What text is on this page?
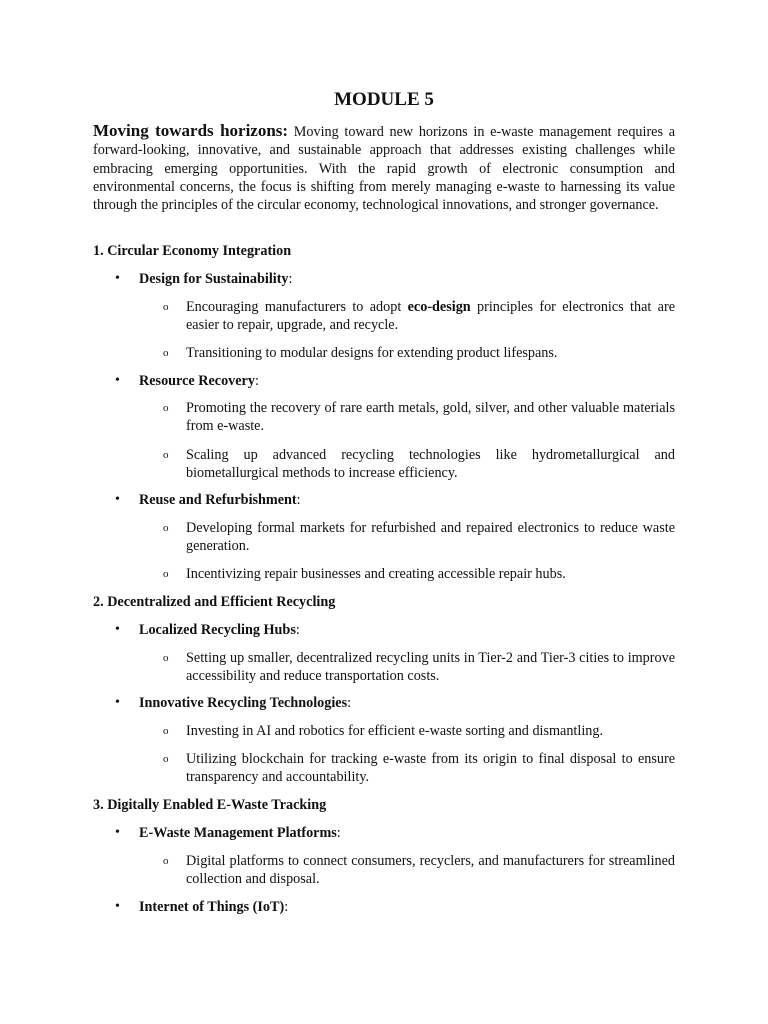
MODULE 5
Moving towards horizons: Moving toward new horizons in e-waste management requires a forward-looking, innovative, and sustainable approach that addresses existing challenges while embracing emerging opportunities. With the rapid growth of electronic consumption and environmental concerns, the focus is shifting from merely managing e-waste to harnessing its value through the principles of the circular economy, technological innovations, and stronger governance.
1. Circular Economy Integration
• Design for Sustainability:
o Encouraging manufacturers to adopt eco-design principles for electronics that are easier to repair, upgrade, and recycle.
o Transitioning to modular designs for extending product lifespans.
• Resource Recovery:
o Promoting the recovery of rare earth metals, gold, silver, and other valuable materials from e-waste.
o Scaling up advanced recycling technologies like hydrometallurgical and biometallurgical methods to increase efficiency.
• Reuse and Refurbishment:
o Developing formal markets for refurbished and repaired electronics to reduce waste generation.
o Incentivizing repair businesses and creating accessible repair hubs.
2. Decentralized and Efficient Recycling
• Localized Recycling Hubs:
o Setting up smaller, decentralized recycling units in Tier-2 and Tier-3 cities to improve accessibility and reduce transportation costs.
• Innovative Recycling Technologies:
o Investing in AI and robotics for efficient e-waste sorting and dismantling.
o Utilizing blockchain for tracking e-waste from its origin to final disposal to ensure transparency and accountability.
3. Digitally Enabled E-Waste Tracking
• E-Waste Management Platforms:
o Digital platforms to connect consumers, recyclers, and manufacturers for streamlined collection and disposal.
• Internet of Things (IoT):
